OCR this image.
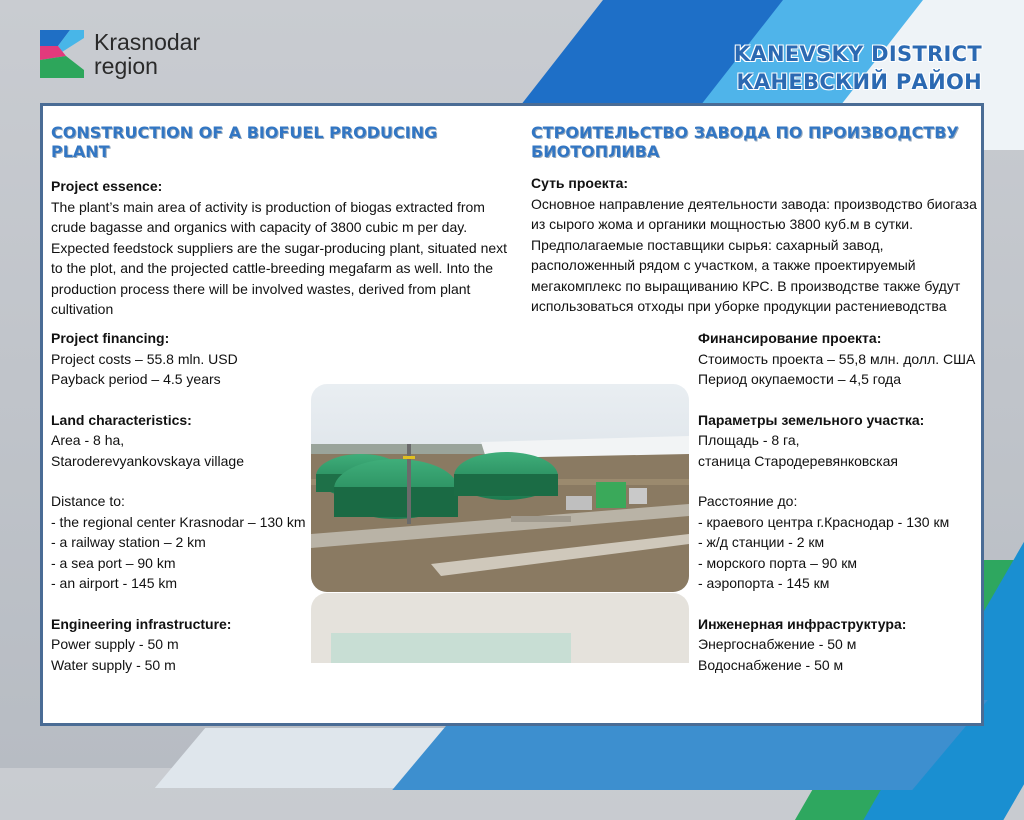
Krasnodar
region	KANEVSKY DISTRICT
КАНЕВСКИЙ РАЙОН
CONSTRUCTION OF A BIOFUEL PRODUCING PLANT
СТРОИТЕЛЬСТВО ЗАВОДА ПО ПРОИЗВОДСТВУ БИОТОПЛИВА

Project essence:

The plant’s main area of activity is production of biogas extracted from crude bagasse and organics with capacity of 3800 cubic m per day. Expected feedstock suppliers are the sugar-producing plant, situated next to the plot, and the projected cattle-breeding megafarm as well. Into the production process there will be involved wastes, derived from plant cultivation

Суть проекта:

Основное направление деятельности завода: производство биогаза из сырого жома и органики мощностью 3800 куб.м в сутки. Предполагаемые поставщики сырья: сахарный завод, расположенный рядом с участком, а также проектируемый мегакомплекс по выращиванию КРС. В производстве также будут использоваться отходы при уборке продукции растениеводства

Project financing:

Project costs – 55.8 mln. USD

Payback period – 4.5 years

Land characteristics:

Area - 8 ha,

Staroderevyankovskaya village

Distance to:

- the regional center Krasnodar – 130 km

- a railway station – 2 km

- a sea port – 90 km

- an airport - 145 km

Engineering infrastructure:

Power supply - 50 m

Water supply - 50 m

Финансирование проекта:

Стоимость проекта – 55,8 млн. долл. США

Период окупаемости – 4,5 года

Параметры земельного участка:

Площадь - 8 га,

станица Стародеревянковская

Расстояние до:

- краевого центра г.Краснодар - 130 км

- ж/д станции - 2 км

- морского порта – 90 км

- аэропорта - 145 км

Инженерная инфраструктура:

Энергоснабжение - 50 м

Водоснабжение - 50 м
